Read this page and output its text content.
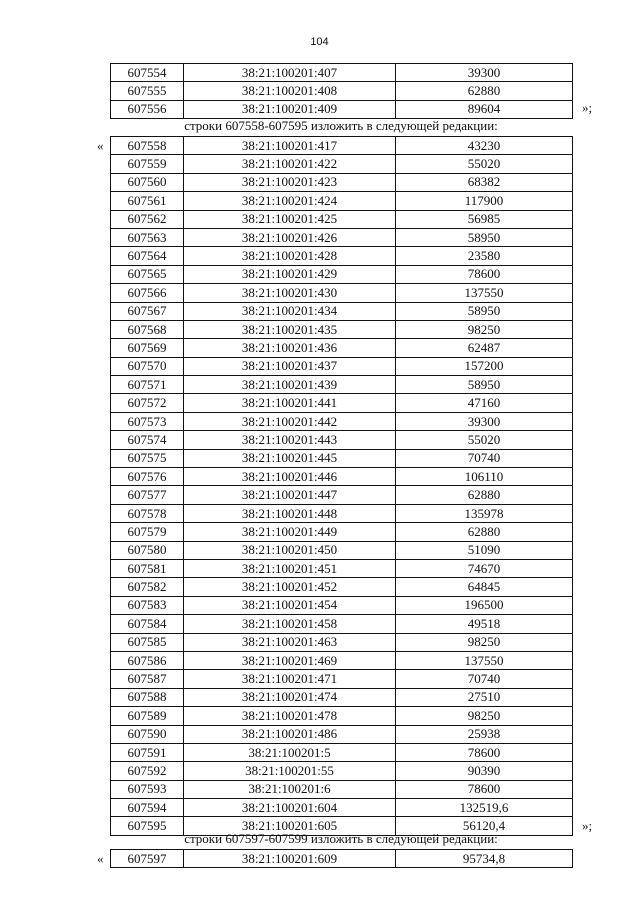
104
607554	38:21:100201:407	39300
607555	38:21:100201:408	62880
607556	38:21:100201:409	89604	»;
строки 607558-607595 изложить в следующей редакции:
« 607558	38:21:100201:417	43230
607559	38:21:100201:422	55020
607560	38:21:100201:423	68382
607561	38:21:100201:424	117900
607562	38:21:100201:425	56985
607563	38:21:100201:426	58950
607564	38:21:100201:428	23580
607565	38:21:100201:429	78600
607566	38:21:100201:430	137550
607567	38:21:100201:434	58950
607568	38:21:100201:435	98250
607569	38:21:100201:436	62487
607570	38:21:100201:437	157200
607571	38:21:100201:439	58950
607572	38:21:100201:441	47160
607573	38:21:100201:442	39300
607574	38:21:100201:443	55020
607575	38:21:100201:445	70740
607576	38:21:100201:446	106110
607577	38:21:100201:447	62880
607578	38:21:100201:448	135978
607579	38:21:100201:449	62880
607580	38:21:100201:450	51090
607581	38:21:100201:451	74670
607582	38:21:100201:452	64845
607583	38:21:100201:454	196500
607584	38:21:100201:458	49518
607585	38:21:100201:463	98250
607586	38:21:100201:469	137550
607587	38:21:100201:471	70740
607588	38:21:100201:474	27510
607589	38:21:100201:478	98250
607590	38:21:100201:486	25938
607591	38:21:100201:5	78600
607592	38:21:100201:55	90390
607593	38:21:100201:6	78600
607594	38:21:100201:604	132519,6
607595	38:21:100201:605	56120,4	»;
строки 607597-607599 изложить в следующей редакции:
« 607597	38:21:100201:609	95734,8
